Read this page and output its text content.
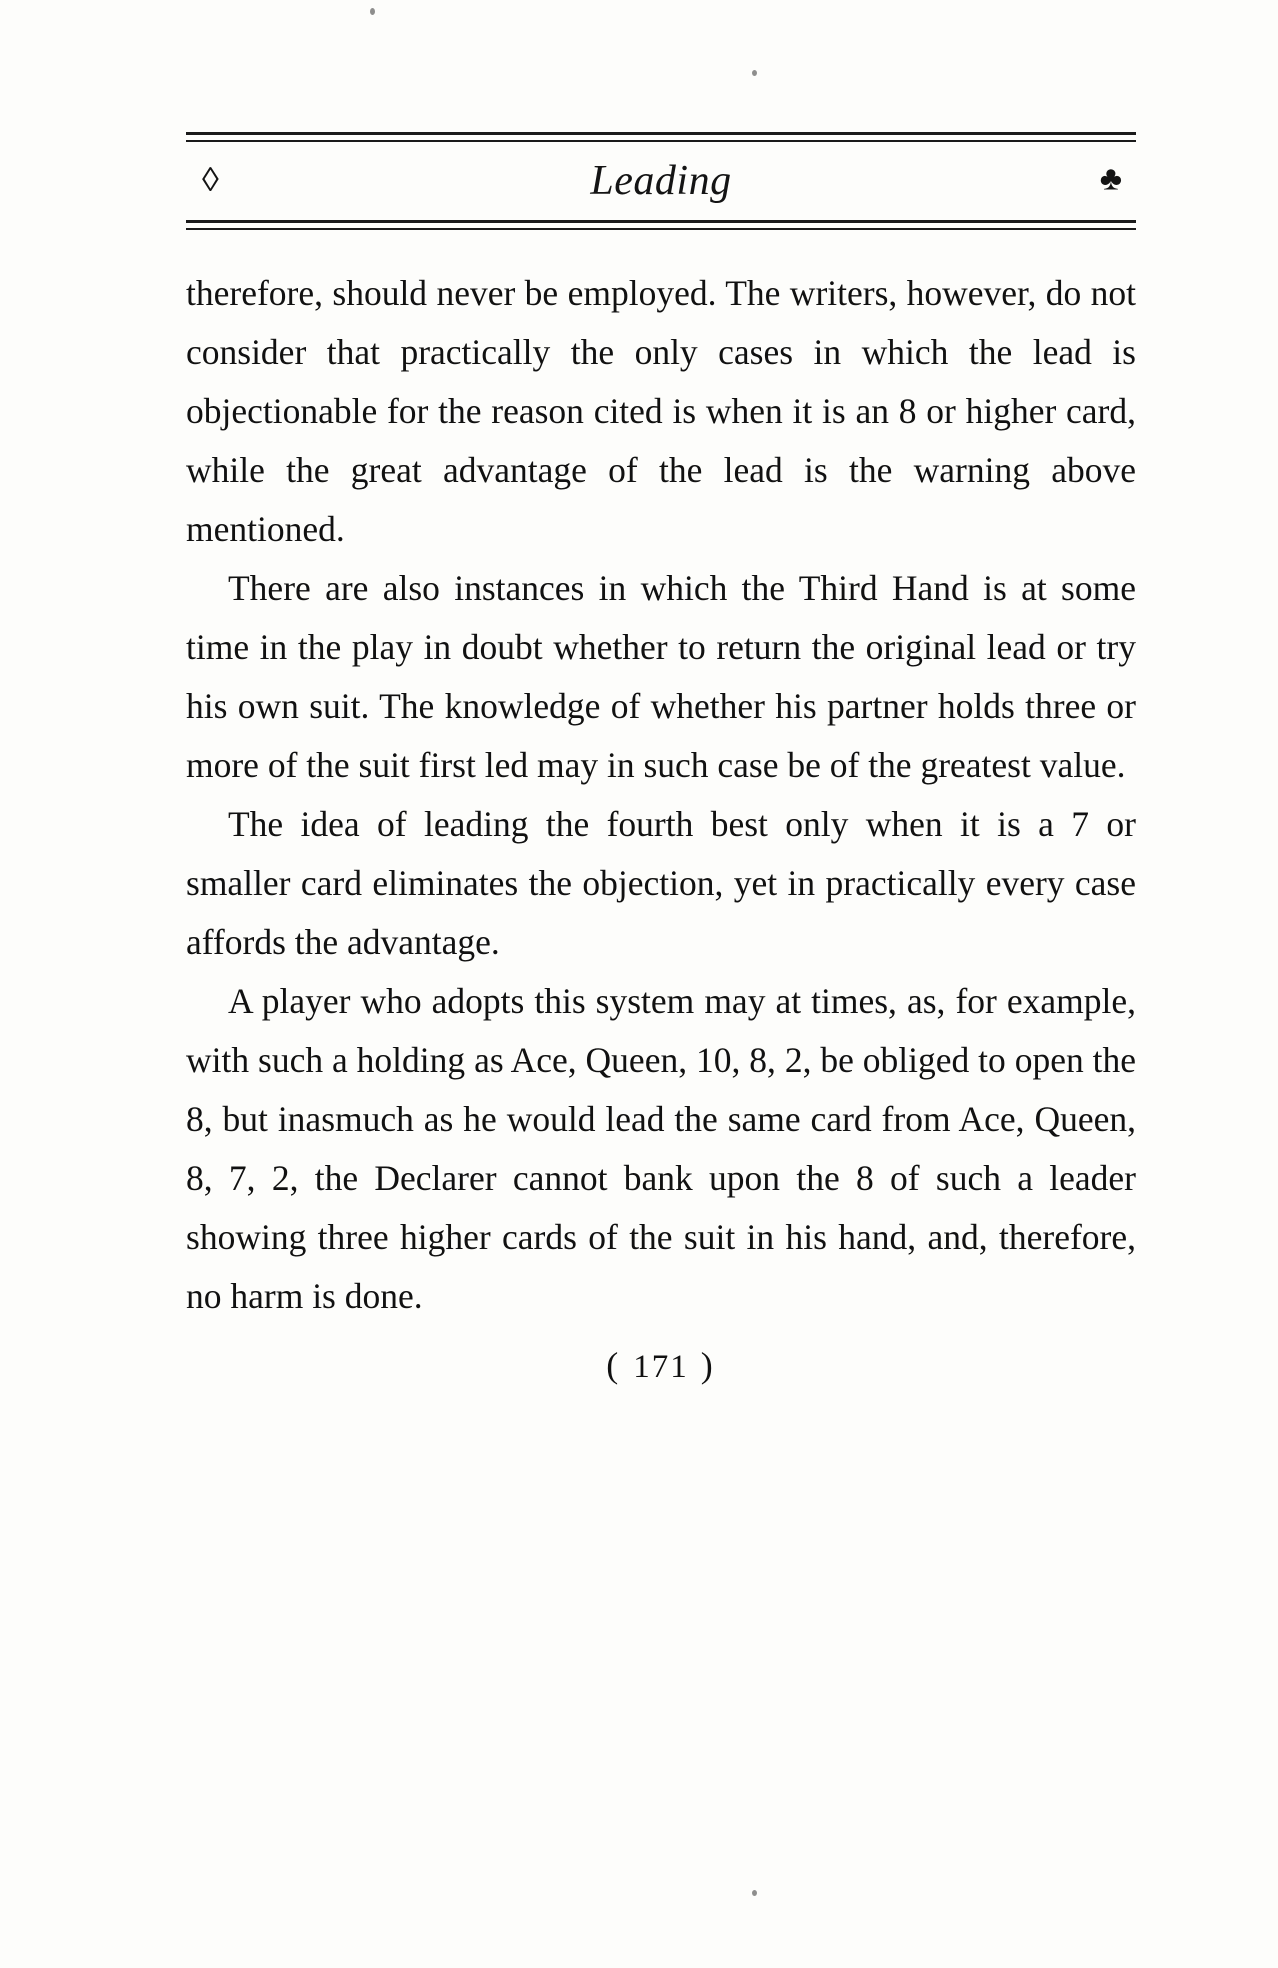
◊	Leading	♣

therefore, should never be employed. The writers, however, do not consider that practically the only cases in which the lead is objectionable for the reason cited is when it is an 8 or higher card, while the great advantage of the lead is the warning above mentioned.

There are also instances in which the Third Hand is at some time in the play in doubt whether to return the original lead or try his own suit. The knowledge of whether his partner holds three or more of the suit first led may in such case be of the greatest value.

The idea of leading the fourth best only when it is a 7 or smaller card eliminates the objection, yet in practically every case affords the advantage.

A player who adopts this system may at times, as, for example, with such a holding as Ace, Queen, 10, 8, 2, be obliged to open the 8, but inasmuch as he would lead the same card from Ace, Queen, 8, 7, 2, the Declarer cannot bank upon the 8 of such a leader showing three higher cards of the suit in his hand, and, therefore, no harm is done.

( 171 )
